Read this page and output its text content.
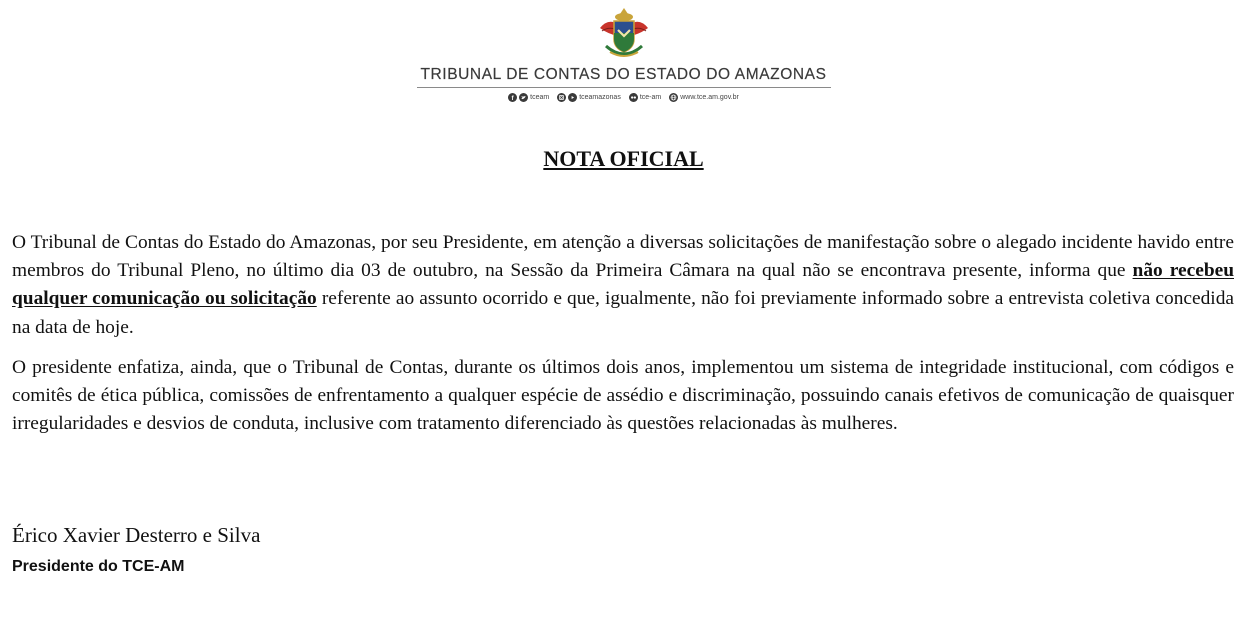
TRIBUNAL DE CONTAS DO ESTADO DO AMAZONAS
f tceam	tceamazonas	tce-am	www.tce.am.gov.br
NOTA OFICIAL

O Tribunal de Contas do Estado do Amazonas, por seu Presidente, em atenção a diversas solicitações de manifestação sobre o alegado incidente havido entre membros do Tribunal Pleno, no último dia 03 de outubro, na Sessão da Primeira Câmara na qual não se encontrava presente, informa que não recebeu qualquer comunicação ou solicitação referente ao assunto ocorrido e que, igualmente, não foi previamente informado sobre a entrevista coletiva concedida na data de hoje.

O presidente enfatiza, ainda, que o Tribunal de Contas, durante os últimos dois anos, implementou um sistema de integridade institucional, com códigos e comitês de ética pública, comissões de enfrentamento a qualquer espécie de assédio e discriminação, possuindo canais efetivos de comunicação de quaisquer irregularidades e desvios de conduta, inclusive com tratamento diferenciado às questões relacionadas às mulheres.

Érico Xavier Desterro e Silva
Presidente do TCE-AM
